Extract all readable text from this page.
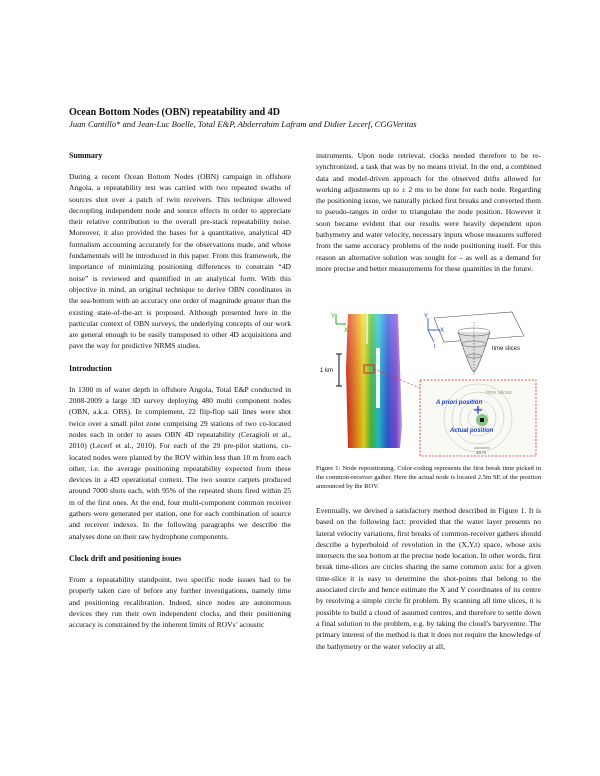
Ocean Bottom Nodes (OBN) repeatability and 4D
Juan Cantillo* and Jean-Luc Boelle, Total E&P, Abderrahim Lafram and Didier Lecerf, CGGVeritas
Summary

During a recent Ocean Bottom Nodes (OBN) campaign in offshore Angola, a repeatability test was carried with two repeated swaths of sources shot over a patch of twin receivers. This technique allowed decoupling independent node and source effects in order to appreciate their relative contribution to the overall pre-stack repeatability noise. Moreover, it also provided the bases for a quantitative, analytical 4D formalism accounting accurately for the observations made, and whose fundamentals will be introduced in this paper. From this framework, the importance of minimizing positioning differences to constrain “4D noise” is reviewed and quantified in an analytical form. With this objective in mind, an original technique to derive OBN coordinates in the sea-bottom with an accuracy one order of magnitude greater than the existing state-of-the-art is proposed. Although presented here in the particular context of OBN surveys, the underlying concepts of our work are general enough to be easily transposed to other 4D acquisitions and pave the way for predictive NRMS studies.

Introduction

In 1300 m of water depth in offshore Angola, Total E&P conducted in 2008-2009 a large 3D survey deploying 480 multi component nodes (OBN, a.k.a. OBS). In complement, 22 flip-flop sail lines were shot twice over a small pilot zone comprising 29 stations of two co-located nodes each in order to asses OBN 4D repeatability (Ceragioli et al., 2010) (Lecerf et al., 2010). For each of the 29 pre-pilot stations, co-located nodes were planted by the ROV within less than 10 m from each other, i.e. the average positioning repeatability expected from these devices in a 4D operational context. The two source carpets produced around 7000 shots each, with 95% of the repeated shots fired within 25 m of the first ones. At the end, four multi-component common receiver gathers were generated per station, one for each combination of source and receiver indexes. In the following paragraphs we describe the analyses done on their raw hydrophone components.

Clock drift and positioning issues

From a repeatability standpoint, two specific node issues had to be properly taken care of before any further investigations, namely time and positioning recalibration. Indeed, since nodes are autonomous devices they run their own independent clocks, and their positioning accuracy is constrained by the inherent limits of ROVs’ acoustic

instruments. Upon node retrieval, clocks needed therefore to be re-synchronized, a task that was by no means trivial. In the end, a combined data and model-driven approach for the observed drifts allowed for working adjustments up to ± 2 ms to be done for each node. Regarding the positioning issue, we naturally picked first breaks and converted them to pseudo-ranges in order to triangulate the node position. However it soon became evident that our results were heavily dependent upon bathymetry and water velocity, necessary inputs whose measures suffered from the same accuracy problems of the node positioning itself. For this reason an alternative solution was sought for – as well as a demand for more precise and better measurements for these quantities in the future.

Y
X
1 km
Y
X
t	time slices
time slices
A priori position
Actual position
10 m
Figure 1: Node repositioning. Color-coding represents the first break time picked in the common-receiver gather. Here the actual node is located 2.5m SE of the position announced by the ROV.

Eventually, we devised a satisfactory method described in Figure 1. It is based on the following fact: provided that the water layer presents no lateral velocity variations, first breaks of common-receiver gathers should describe a hyperboloid of revolution in the (X,Y,t) space, whose axis intersects the sea bottom at the precise node location. In other words, first break time-slices are circles sharing the same common axis: for a given time-slice it is easy to determine the shot-points that belong to the associated circle and hence estimate the X and Y coordinates of its centre by resolving a simple circle fit problem. By scanning all time slices, it is possible to build a cloud of assumed centres, and therefore to settle down a final solution to the problem, e.g. by taking the cloud’s barycentre. The primary interest of the method is that it does not require the knowledge of the bathymetry or the water velocity at all,
